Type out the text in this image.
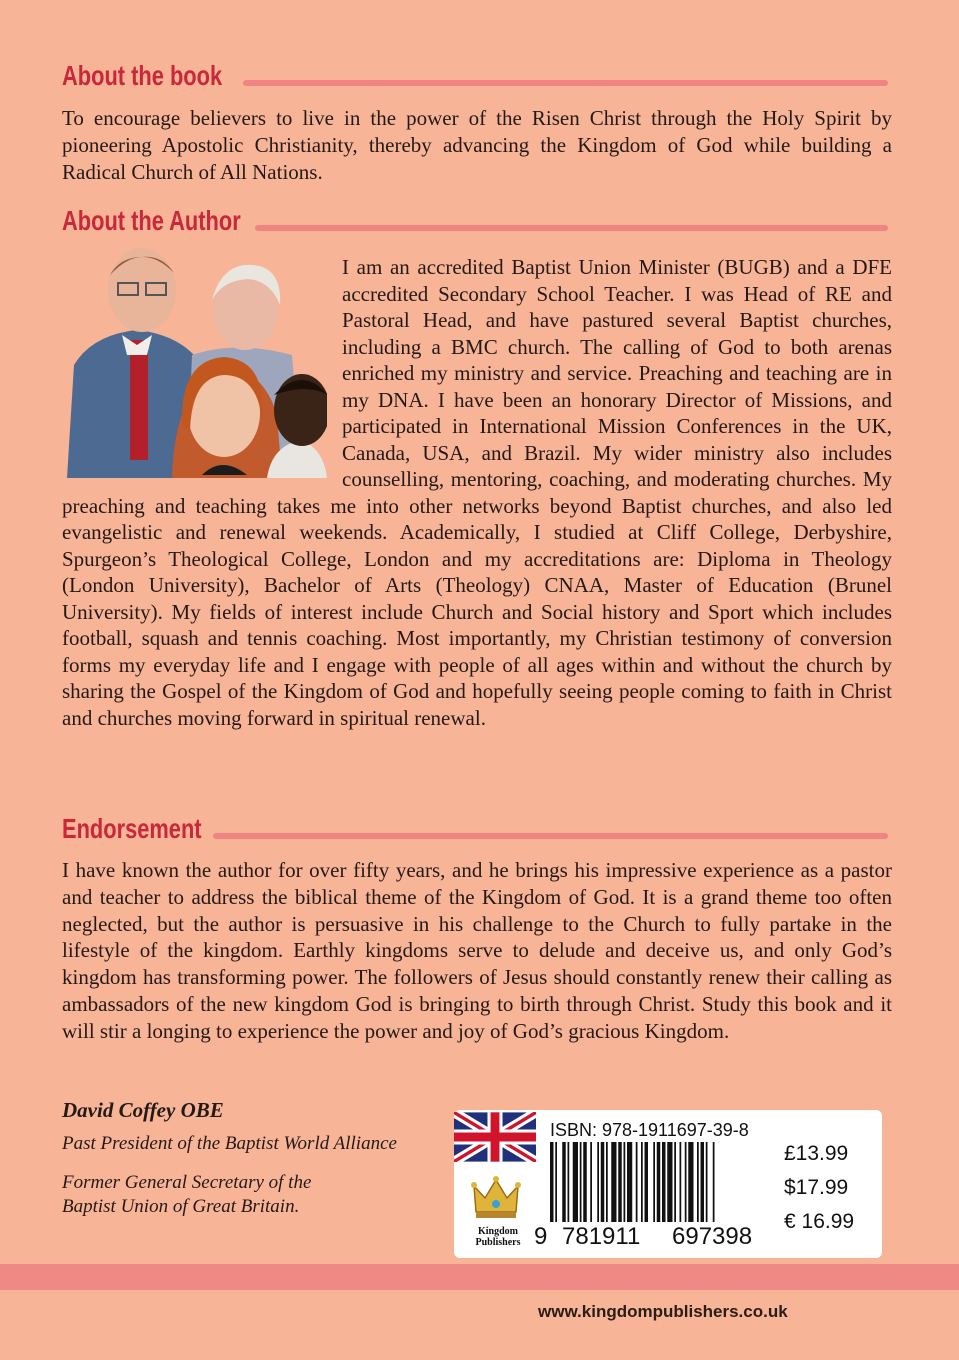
About the book

To encourage believers to live in the power of the Risen Christ through the Holy Spirit by pioneering Apostolic Christianity, thereby advancing the Kingdom of God while building a Radical Church of All Nations.

About the Author

I am an accredited Baptist Union Minister (BUGB) and a DFE accredited Secondary School Teacher. I was Head of RE and Pastoral Head, and have pastured several Baptist churches, including a BMC church. The calling of God to both arenas enriched my ministry and service. Preaching and teaching are in my DNA. I have been an honorary Director of Missions, and participated in International Mission Conferences in the UK, Canada, USA, and Brazil. My wider ministry also includes counselling, mentoring, coaching, and moderating churches. My preaching and teaching takes me into other networks beyond Baptist churches, and also led evangelistic and renewal weekends. Academically, I studied at Cliff College, Derbyshire, Spurgeon’s Theological College, London and my accreditations are: Diploma in Theology (London University), Bachelor of Arts (Theology) CNAA, Master of Education (Brunel University). My fields of interest include Church and Social history and Sport which includes football, squash and tennis coaching. Most importantly, my Christian testimony of conversion forms my everyday life and I engage with people of all ages within and without the church by sharing the Gospel of the Kingdom of God and hopefully seeing people coming to faith in Christ and churches moving forward in spiritual renewal.

Endorsement

I have known the author for over fifty years, and he brings his impressive experience as a pastor and teacher to address the biblical theme of the Kingdom of God. It is a grand theme too often neglected, but the author is persuasive in his challenge to the Church to fully partake in the lifestyle of the kingdom. Earthly kingdoms serve to delude and deceive us, and only God’s kingdom has transforming power. The followers of Jesus should constantly renew their calling as ambassadors of the new kingdom God is bringing to birth through Christ. Study this book and it will stir a longing to experience the power and joy of God’s gracious Kingdom.

David Coffey OBE
Past President of the Baptist World Alliance
Former General Secretary of the Baptist Union of Great Britain.
Kingdom Publishers
ISBN: 978-1911697-39-8
9 781911 697398
£13.99
$17.99
€ 16.99
www.kingdompublishers.co.uk
